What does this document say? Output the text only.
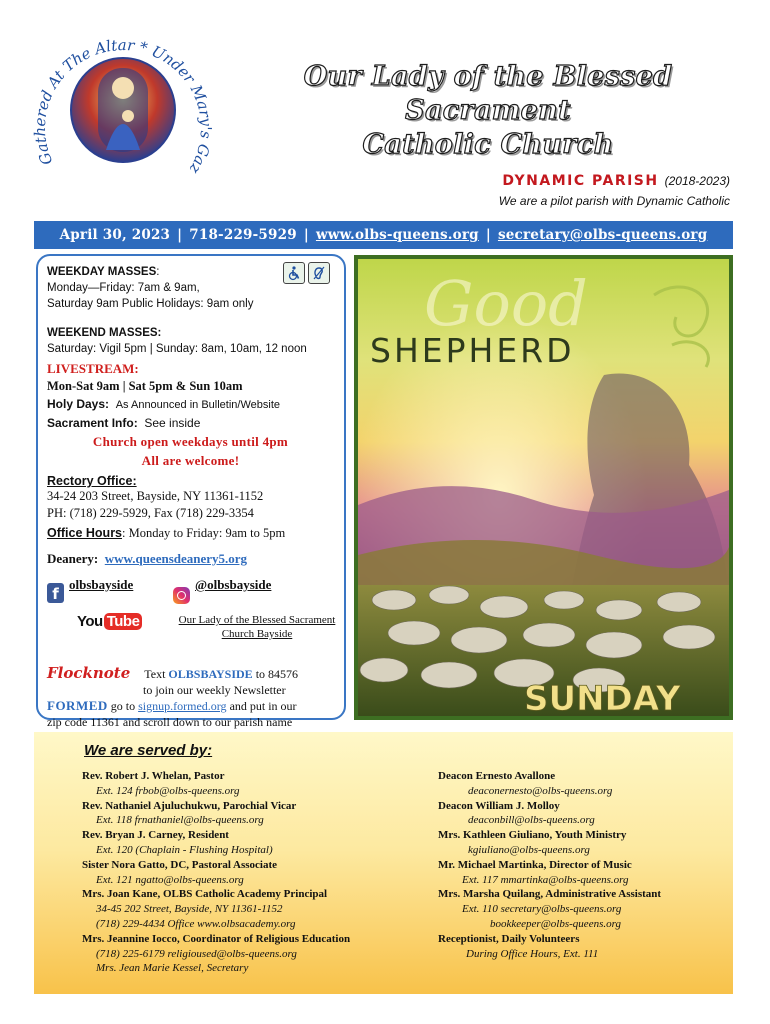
Gathered At The Altar * Under Mary's Gaz
Our Lady of the Blessed Sacrament
Catholic Church
DYNAMIC PARISH (2018-2023)
We are a pilot parish with Dynamic Catholic
April 30, 2023 | 718-229-5929 | www.olbs-queens.org | secretary@olbs-queens.org
WEEKDAY MASSES:
Monday—Friday: 7am & 9am,
Saturday 9am Public Holidays: 9am only
WEEKEND MASSES:
Saturday: Vigil 5pm | Sunday: 8am, 10am, 12 noon
LIVESTREAM:
Mon-Sat 9am | Sat 5pm & Sun 10am
Holy Days: As Announced in Bulletin/Website
Sacrament Info: See inside
Church open weekdays until 4pm
All are welcome!
Rectory Office:
34-24 203 Street, Bayside, NY 11361-1152
PH: (718) 229-5929, Fax (718) 229-3354
Office Hours: Monday to Friday: 9am to 5pm
Deanery: www.queensdeanery5.org
f
olbsbayside	@olbsbayside
You Tube	Our Lady of the Blessed Sacrament Church Bayside
Flocknote Text OLBSBAYSIDE to 84576
to join our weekly Newsletter
FORMED go to signup.formed.org and put in our
zip code 11361 and scroll down to our parish name
Good
SHEPHERD
SUNDAY
We are served by:
Rev. Robert J. Whelan, Pastor
Ext. 124 frbob@olbs-queens.org
Rev. Nathaniel Ajuluchukwu, Parochial Vicar
Ext. 118 frnathaniel@olbs-queens.org
Rev. Bryan J. Carney, Resident
Ext. 120 (Chaplain - Flushing Hospital)
Sister Nora Gatto, DC, Pastoral Associate
Ext. 121 ngatto@olbs-queens.org
Mrs. Joan Kane, OLBS Catholic Academy Principal
34-45 202 Street, Bayside, NY 11361-1152
(718) 229-4434 Office www.olbsacademy.org
Mrs. Jeannine Iocco, Coordinator of Religious Education
(718) 225-6179 religioused@olbs-queens.org
Mrs. Jean Marie Kessel, Secretary
Deacon Ernesto Avallone
deaconernesto@olbs-queens.org
Deacon William J. Molloy
deaconbill@olbs-queens.org
Mrs. Kathleen Giuliano, Youth Ministry
kgiuliano@olbs-queens.org
Mr. Michael Martinka, Director of Music
Ext. 117 mmartinka@olbs-queens.org
Mrs. Marsha Quilang, Administrative Assistant
Ext. 110 secretary@olbs-queens.org
bookkeeper@olbs-queens.org
Receptionist, Daily Volunteers
During Office Hours, Ext. 111
